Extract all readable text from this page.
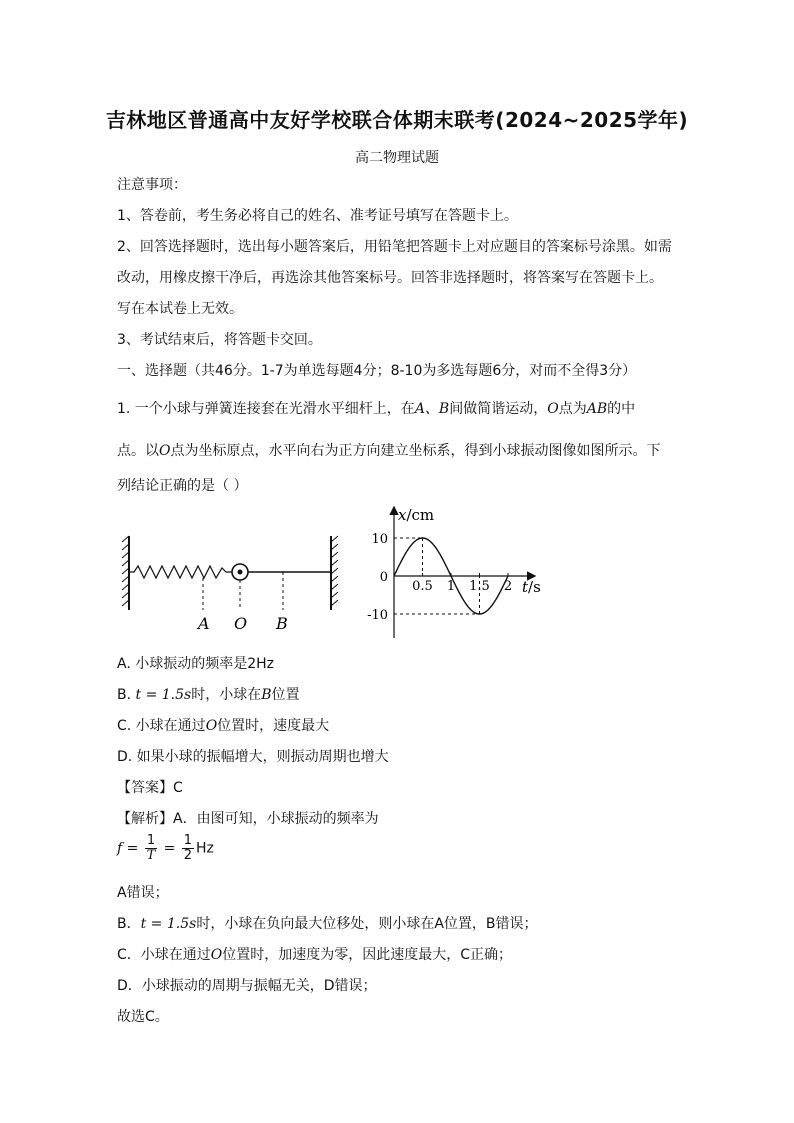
吉林地区普通高中友好学校联合体期末联考(2024~2025学年)
高二物理试题
注意事项：
1、答卷前，考生务必将自己的姓名、准考证号填写在答题卡上。
2、回答选择题时，选出每小题答案后，用铅笔把答题卡上对应题目的答案标号涂黑。如需
改动，用橡皮擦干净后，再选涂其他答案标号。回答非选择题时，将答案写在答题卡上。
写在本试卷上无效。
3、考试结束后，将答题卡交回。
一、选择题（共46分。1-7为单选每题4分；8-10为多选每题6分，对而不全得3分）
1. 一个小球与弹簧连接套在光滑水平细杆上，在A、B间做简谐运动，O点为AB的中
点。以O点为坐标原点，水平向右为正方向建立坐标系，得到小球振动图像如图所示。下
列结论正确的是（ ）
A O B
x/cm
t/s
0.5 1 1.5 2
10
0
-10
A. 小球振动的频率是2Hz
B. t = 1.5s时，小球在B位置
C. 小球在通过O位置时，速度最大
D. 如果小球的振幅增大，则振动周期也增大
【答案】C
【解析】A．由图可知，小球振动的频率为
$f = \frac{1}{T} = \frac{1}{2}$ Hz
A错误；
B．t = 1.5s时，小球在负向最大位移处，则小球在A位置，B错误；
C．小球在通过O位置时，加速度为零，因此速度最大，C正确；
D．小球振动的周期与振幅无关，D错误；
故选C。
